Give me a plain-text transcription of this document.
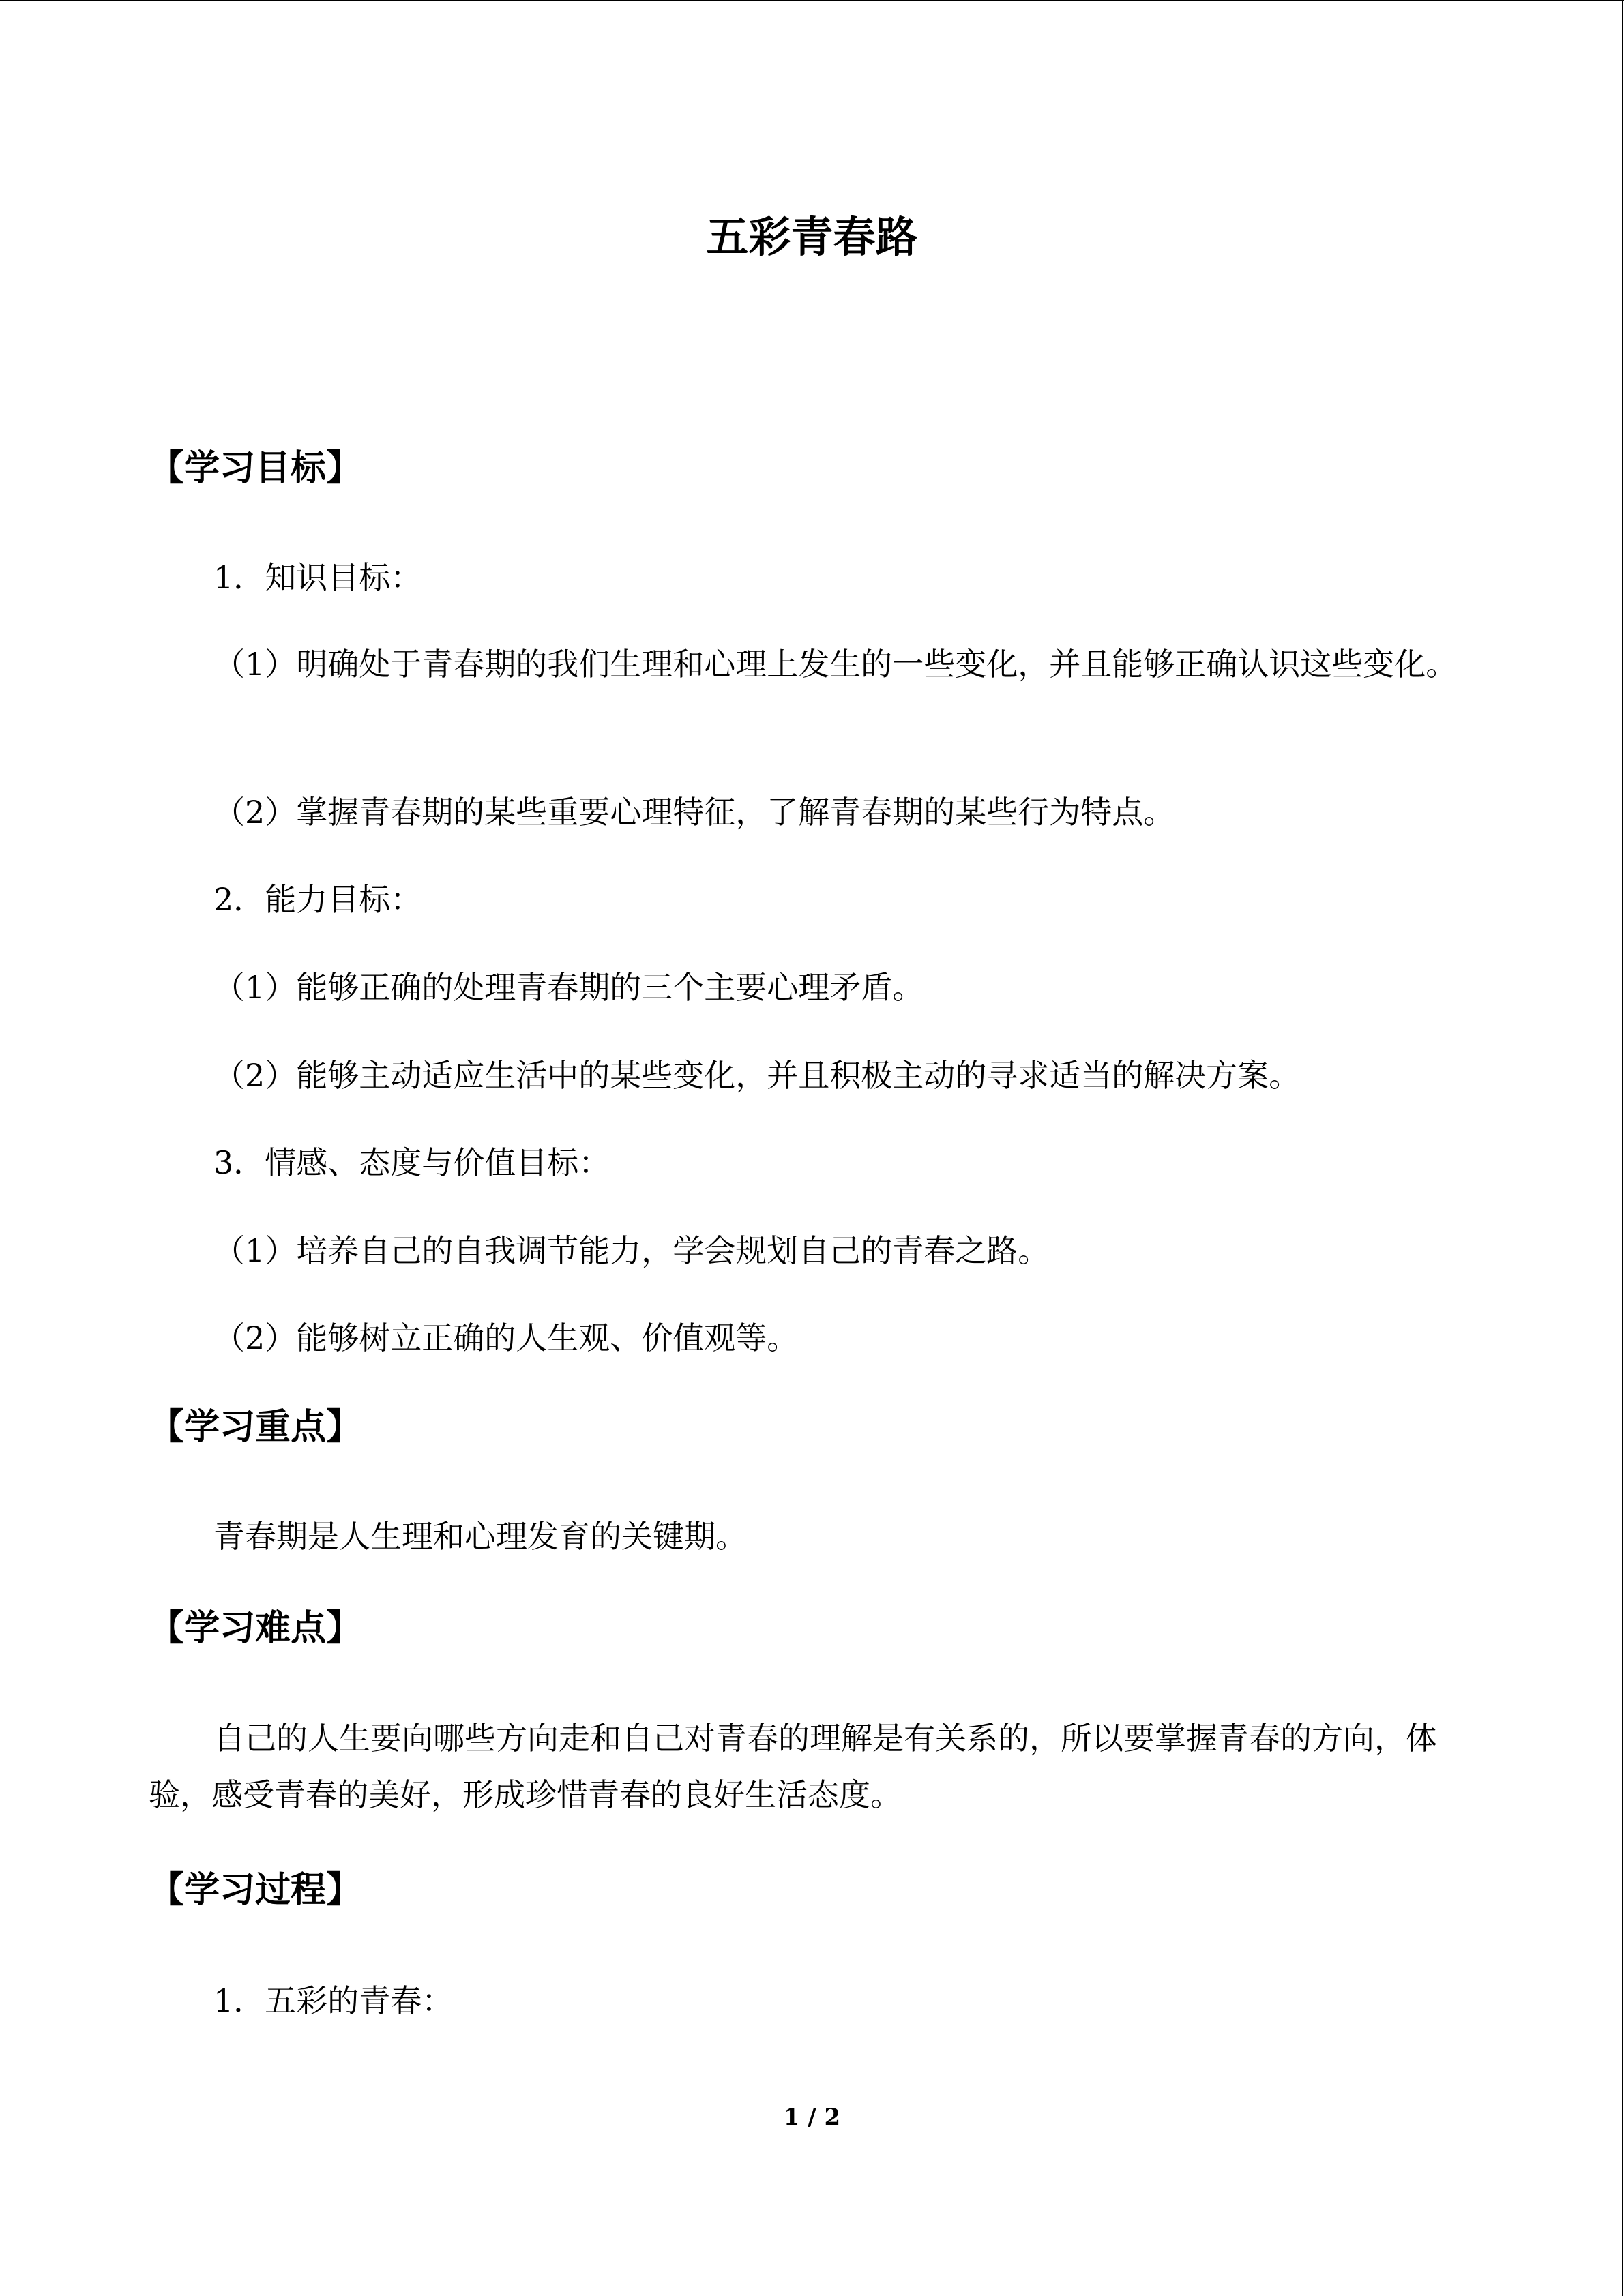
五彩青春路
【学习目标】
1．知识目标：
（1）明确处于青春期的我们生理和心理上发生的一些变化，并且能够正确认识这些变化。
（2）掌握青春期的某些重要心理特征，了解青春期的某些行为特点。
2．能力目标：
（1）能够正确的处理青春期的三个主要心理矛盾。
（2）能够主动适应生活中的某些变化，并且积极主动的寻求适当的解决方案。
3．情感、态度与价值目标：
（1）培养自己的自我调节能力，学会规划自己的青春之路。
（2）能够树立正确的人生观、价值观等。
【学习重点】
青春期是人生理和心理发育的关键期。
【学习难点】
自己的人生要向哪些方向走和自己对青春的理解是有关系的，所以要掌握青春的方向，体验，感受青春的美好，形成珍惜青春的良好生活态度。
【学习过程】
1．五彩的青春：
1 / 2
